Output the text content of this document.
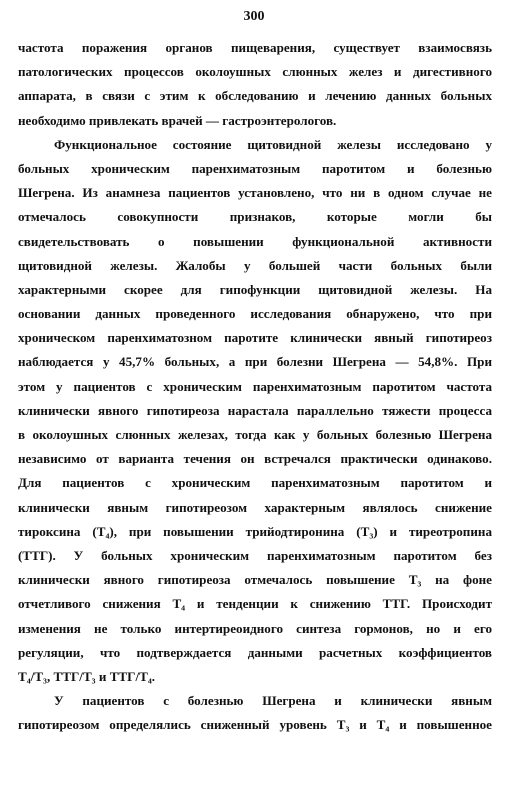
300
частота поражения органов пищеварения, существует взаимосвязь
патологических процессов околоушных слюнных желез и дигестивного
аппарата, в связи с этим к обследованию и лечению данных больных
необходимо привлекать врачей — гастроэнтерологов.
Функциональное состояние щитовидной железы исследовано у
больных хроническим паренхиматозным паротитом и болезнью
Шегрена. Из анамнеза пациентов установлено, что ни в одном случае не
отмечалось совокупности признаков, которые могли бы
свидетельствовать о повышении функциональной активности
щитовидной железы. Жалобы у большей части больных были
характерными скорее для гипофункции щитовидной железы. На
основании данных проведенного исследования обнаружено, что при
хроническом паренхиматозном паротите клинически явный гипотиреоз
наблюдается у 45,7% больных, а при болезни Шегрена — 54,8%. При
этом у пациентов с хроническим паренхиматозным паротитом частота
клинически явного гипотиреоза нарастала параллельно тяжести процесса
в околоушных слюнных железах, тогда как у больных болезнью Шегрена
независимо от варианта течения он встречался практически одинаково.
Для пациентов с хроническим паренхиматозным паротитом и
клинически явным гипотиреозом характерным являлось снижение
тироксина (T₄), при повышении трийодтиронина (T₃) и тиреотропина
(ТТГ). У больных хроническим паренхиматозным паротитом без
клинически явного гипотиреоза отмечалось повышение T₃ на фоне
отчетливого снижения T₄ и тенденции к снижению ТТГ. Происходит
изменения не только интертиреоидного синтеза гормонов, но и его
регуляции, что подтверждается данными расчетных коэффициентов
T₄/T₃, ТТГ/T₃ и ТТГ/T₄.
У пациентов с болезнью Шегрена и клинически явным
гипотиреозом определялись сниженный уровень T₃ и T₄ и повышенное
